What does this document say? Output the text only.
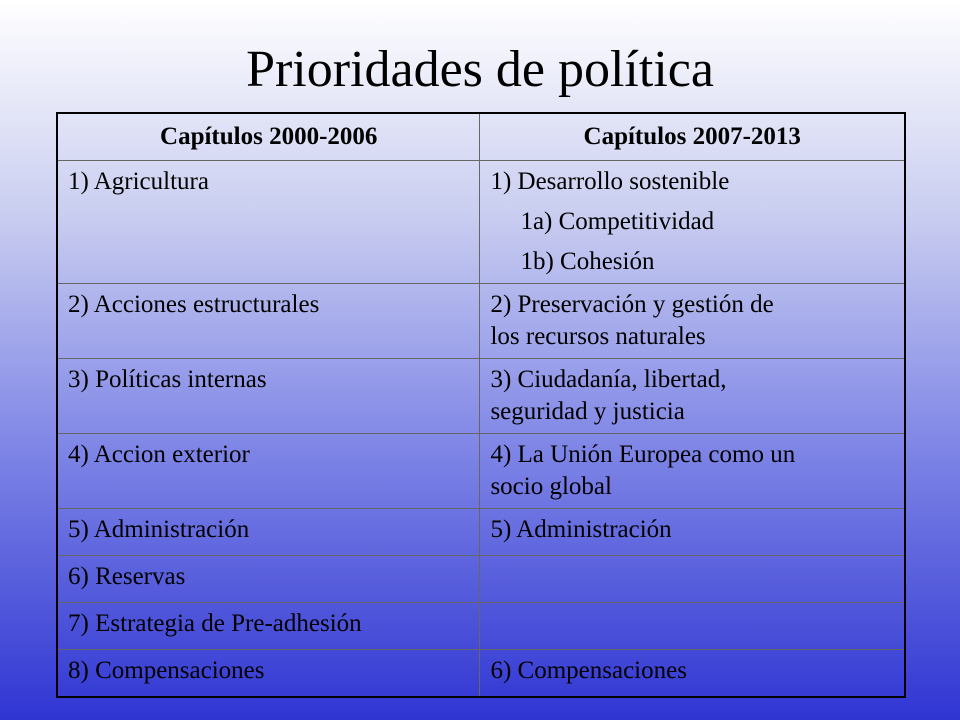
Prioridades de política
Capítulos 2000-2006	Capítulos 2007-2013
1) Agricultura	1) Desarrollo sostenible
1a) Competitividad
1b) Cohesión

2) Acciones estructurales	2) Preservación y gestión de
los recursos naturales

3) Políticas internas	3) Ciudadanía, libertad,
seguridad y justicia

4) Accion exterior	4) La Unión Europea como un
socio global

5) Administración	5) Administración

6) Reservas	
7) Estrategia de Pre-adhesión	
8) Compensaciones	6) Compensaciones
